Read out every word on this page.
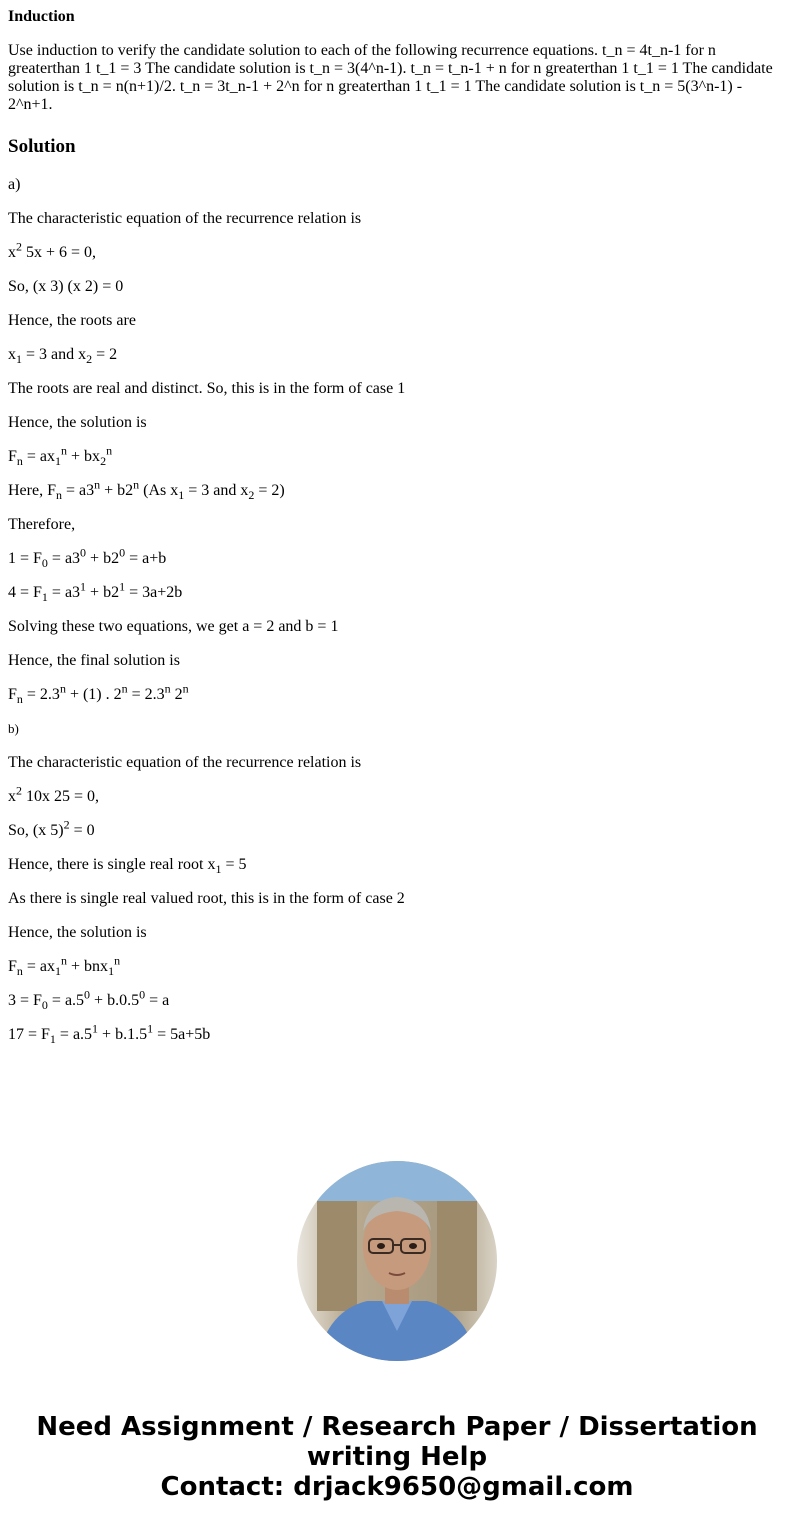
Induction
Use induction to verify the candidate solution to each of the following recurrence equations. t_n = 4t_n-1 for n greaterthan 1 t_1 = 3 The candidate solution is t_n = 3(4^n-1). t_n = t_n-1 + n for n greaterthan 1 t_1 = 1 The candidate solution is t_n = n(n+1)/2. t_n = 3t_n-1 + 2^n for n greaterthan 1 t_1 = 1 The candidate solution is t_n = 5(3^n-1) - 2^n+1.
Solution

a)

The characteristic equation of the recurrence relation is

$x^2$ 5x + 6 = 0,

So, (x 3) (x 2) = 0

Hence, the roots are

$x_1 = 3$ and $x_2 = 2$

The roots are real and distinct. So, this is in the form of case 1

Hence, the solution is

$F_n = ax_1^n + bx_2^n$

Here, $F_n = a3^n + b2^n$ (As $x_1 = 3$ and $x_2 = 2$)

Therefore,

$1 = F_0 = a3^0 + b2^0 = a+b$

$4 = F_1 = a3^1 + b2^1 = 3a+2b$

Solving these two equations, we get a = 2 and b = 1

Hence, the final solution is

$F_n = 2.3^n + (1)$ . $2^n = 2.3^n$ 2$^n$

b)

The characteristic equation of the recurrence relation is

$x^2$ 10x 25 = 0,

So, (x 5)$^2$ = 0

Hence, there is single real root $x_1 = 5$

As there is single real valued root, this is in the form of case 2

Hence, the solution is

$F_n = ax_1^n + bnx_1^n$

$3 = F_0 = a.5^0 + b.0.5^0 = a$

$17 = F_1 = a.5^1 + b.1.5^1 = 5a+5b$

Need Assignment / Research Paper / Dissertation
writing Help
Contact: drjack9650@gmail.com
